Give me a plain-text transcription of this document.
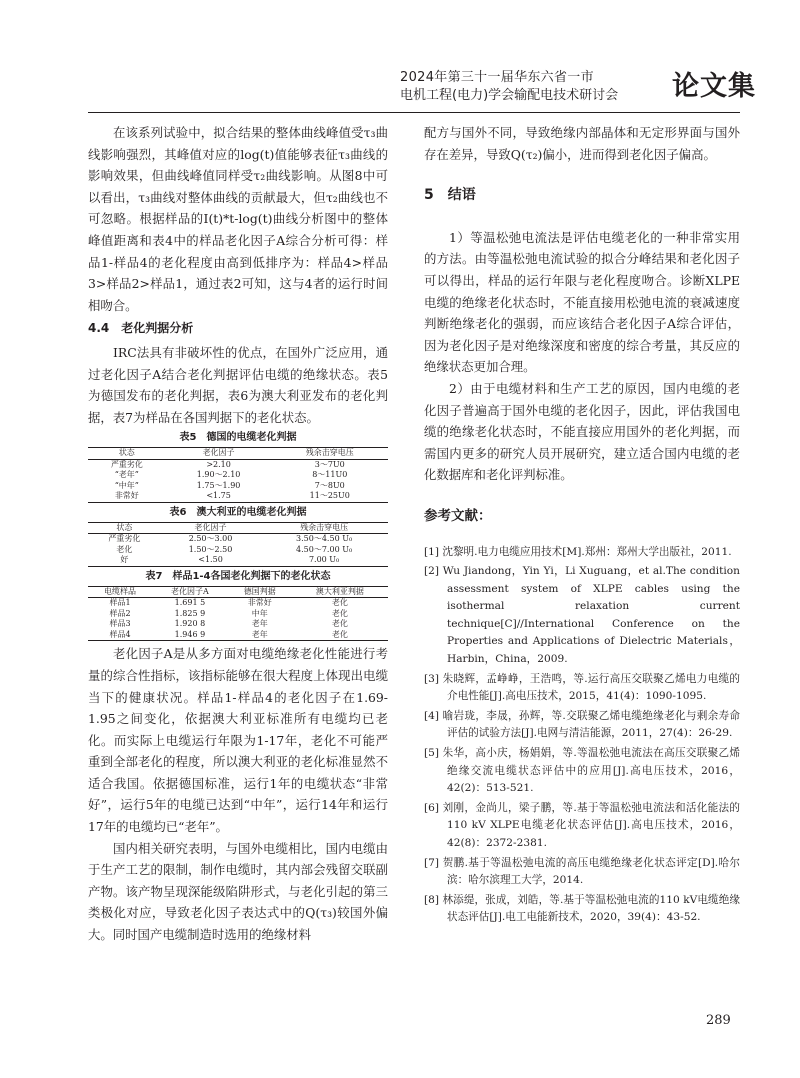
2024年第三十一届华东六省一市
电机工程(电力)学会输配电技术研讨会 论文集

在该系列试验中，拟合结果的整体曲线峰值受τ₃曲线影响强烈，其峰值对应的log(t)值能够表征τ₃曲线的影响效果，但曲线峰值同样受τ₂曲线影响。从图8中可以看出，τ₃曲线对整体曲线的贡献最大，但τ₂曲线也不可忽略。根据样品的I(t)*t-log(t)曲线分析图中的整体峰值距离和表4中的样品老化因子A综合分析可得：样品1-样品4的老化程度由高到低排序为：样品4>样品3>样品2>样品1，通过表2可知，这与4者的运行时间相吻合。

4.4　老化判据分析

IRC法具有非破坏性的优点，在国外广泛应用，通过老化因子A结合老化判据评估电缆的绝缘状态。表5为德国发布的老化判据，表6为澳大利亚发布的老化判据，表7为样品在各国判据下的老化状态。

表5　德国的电缆老化判据
状态	老化因子	残余击穿电压
严重劣化	>2.10	3～7U0
“老年”	1.90～2.10	8～11U0
“中年”	1.75～1.90	7～8U0
非常好	<1.75	11～25U0
表6　澳大利亚的电缆老化判据
状态	老化因子	残余击穿电压
严重劣化	2.50～3.00	3.50～4.50 U₀
老化	1.50～2.50	4.50～7.00 U₀
好	<1.50	7.00 U₀
表7　样品1-4各国老化判据下的老化状态
电缆样品	老化因子A	德国判据	澳大利亚判据
样品1	1.691 5	非常好	老化
样品2	1.825 9	中年	老化
样品3	1.920 8	老年	老化
样品4	1.946 9	老年	老化

老化因子A是从多方面对电缆绝缘老化性能进行考量的综合性指标，该指标能够在很大程度上体现出电缆当下的健康状况。样品1-样品4的老化因子在1.69-1.95之间变化，依据澳大利亚标准所有电缆均已老化。而实际上电缆运行年限为1-17年，老化不可能严重到全部老化的程度，所以澳大利亚的老化标准显然不适合我国。依据德国标准，运行1年的电缆状态“非常好”，运行5年的电缆已达到“中年”，运行14年和运行17年的电缆均已“老年”。

国内相关研究表明，与国外电缆相比，国内电缆由于生产工艺的限制，制作电缆时，其内部会残留交联副产物。该产物呈现深能级陷阱形式，与老化引起的第三类极化对应，导致老化因子表达式中的Q(τ₃)较国外偏大。同时国产电缆制造时选用的绝缘材料

配方与国外不同，导致绝缘内部晶体和无定形界面与国外存在差异，导致Q(τ₂)偏小，进而得到老化因子偏高。

5　结语

1）等温松弛电流法是评估电缆老化的一种非常实用的方法。由等温松弛电流试验的拟合分峰结果和老化因子可以得出，样品的运行年限与老化程度吻合。诊断XLPE电缆的绝缘老化状态时，不能直接用松弛电流的衰减速度判断绝缘老化的强弱，而应该结合老化因子A综合评估，因为老化因子是对绝缘深度和密度的综合考量，其反应的绝缘状态更加合理。

2）由于电缆材料和生产工艺的原因，国内电缆的老化因子普遍高于国外电缆的老化因子，因此，评估我国电缆的绝缘老化状态时，不能直接应用国外的老化判据，而需国内更多的研究人员开展研究，建立适合国内电缆的老化数据库和老化评判标准。

参考文献：
[1] 沈黎明.电力电缆应用技术[M].郑州：郑州大学出版社，2011.
[2] Wu Jiandong，Yin Yi，Li Xuguang，et al.The condition assessment system of XLPE cables using the isothermal relaxation current technique[C]//International Conference on the Properties and Applications of Dielectric Materials，Harbin，China，2009.
[3] 朱晓辉，孟峥峥，王浩鸣，等.运行高压交联聚乙烯电力电缆的介电性能[J].高电压技术，2015，41(4)：1090-1095.
[4] 喻岩珑，李晟，孙辉，等.交联聚乙烯电缆绝缘老化与剩余寿命评估的试验方法[J].电网与清洁能源，2011，27(4)：26-29.
[5] 朱华，高小庆，杨娟娟，等.等温松弛电流法在高压交联聚乙烯绝缘交流电缆状态评估中的应用[J].高电压技术，2016，42(2)：513-521.
[6] 刘刚，金尚儿，梁子鹏，等.基于等温松弛电流法和活化能法的110 kV XLPE电缆老化状态评估[J].高电压技术，2016，42(8)：2372-2381.
[7] 贺鹏.基于等温松弛电流的高压电缆绝缘老化状态评定[D].哈尔滨：哈尔滨理工大学，2014.
[8] 林添缇，张成，刘皓，等.基于等温松弛电流的110 kV电缆绝缘状态评估[J].电工电能新技术，2020，39(4)：43-52.
289
